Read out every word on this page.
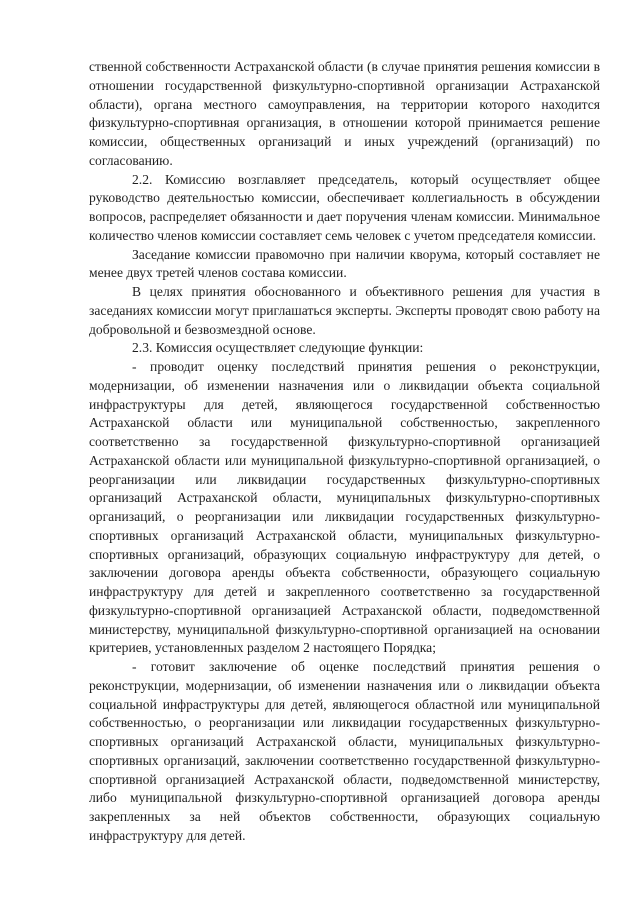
ственной собственности Астраханской области (в случае принятия решения комиссии в отношении государственной физкультурно-спортивной организации Астраханской области), органа местного самоуправления, на территории которого находится физкультурно-спортивная организация, в отношении которой принимается решение комиссии, общественных организаций и иных учреждений (организаций) по согласованию.

2.2. Комиссию возглавляет председатель, который осуществляет общее руководство деятельностью комиссии, обеспечивает коллегиальность в обсуждении вопросов, распределяет обязанности и дает поручения членам комиссии. Минимальное количество членов комиссии составляет семь человек с учетом председателя комиссии.

Заседание комиссии правомочно при наличии кворума, который составляет не менее двух третей членов состава комиссии.

В целях принятия обоснованного и объективного решения для участия в заседаниях комиссии могут приглашаться эксперты. Эксперты проводят свою работу на добровольной и безвозмездной основе.

2.3. Комиссия осуществляет следующие функции:

- проводит оценку последствий принятия решения о реконструкции, модернизации, об изменении назначения или о ликвидации объекта социальной инфраструктуры для детей, являющегося государственной собственностью Астраханской области или муниципальной собственностью, закрепленного соответственно за государственной физкультурно-спортивной организацией Астраханской области или муниципальной физкультурно-спортивной организацией, о реорганизации или ликвидации государственных физкультурно-спортивных организаций Астраханской области, муниципальных физкультурно-спортивных организаций, о реорганизации или ликвидации государственных физкультурно-спортивных организаций Астраханской области, муниципальных физкультурно-спортивных организаций, образующих социальную инфраструктуру для детей, о заключении договора аренды объекта собственности, образующего социальную инфраструктуру для детей и закрепленного соответственно за государственной физкультурно-спортивной организацией Астраханской области, подведомственной министерству, муниципальной физкультурно-спортивной организацией на основании критериев, установленных разделом 2 настоящего Порядка;

- готовит заключение об оценке последствий принятия решения о реконструкции, модернизации, об изменении назначения или о ликвидации объекта социальной инфраструктуры для детей, являющегося областной или муниципальной собственностью, о реорганизации или ликвидации государственных физкультурно-спортивных организаций Астраханской области, муниципальных физкультурно-спортивных организаций, заключении соответственно государственной физкультурно-спортивной организацией Астраханской области, подведомственной министерству, либо муниципальной физкультурно-спортивной организацией договора аренды закрепленных за ней объектов собственности, образующих социальную инфраструктуру для детей.
